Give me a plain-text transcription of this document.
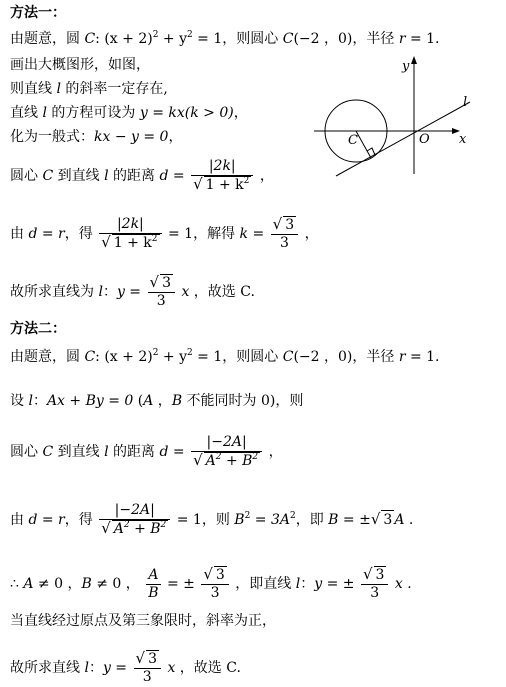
方法一：
由题意，圆 C: $(x + 2)^2 + y^2 = 1$，则圆心 C(−2 ，0)，半径 r = 1.
画出大概图形，如图，
则直线 l 的斜率一定存在,
直线 l 的方程可设为 y = kx(k > 0)，
化为一般式：kx − y = 0，
圆心 C 到直线 l 的距离 $d = \frac{|2k|}{√ 1 + k^2}$ ，
由 d = r，得 $\frac{|2k|}{√ 1 + k^2} = 1$，解得 $k = \frac{√ 3}{3}$ ，
故所求直线为 l：$y = \frac{√ 3}{3}$ x ，故选 C.
方法二：
由题意，圆 C: $(x + 2)^2 + y^2 = 1$，则圆心 C(−2 ，0)，半径 r = 1.
设 l：Ax + By = 0 (A ，B 不能同时为 0)，则
圆心 C 到直线 l 的距离 $d = \frac{|-2A|}{√ A^2 + B^2}$ ，
由 d = r，得 $\frac{|-2A|}{√ A^2 + B^2} = 1$，则 $B^2 = 3A^2$，即 B = ±√ 3 A .
∴ A ≠ 0 ，B ≠ 0 ， $\frac{A}{B}$ = ± $\frac{√ 3}{3}$ ，即直线 l：y = ± $\frac{√ 3}{3}$ x .
当直线经过原点及第三象限时，斜率为正，
故所求直线 l：$y = \frac{√ 3}{3}$ x ，故选 C.
y
x
O
C
l
